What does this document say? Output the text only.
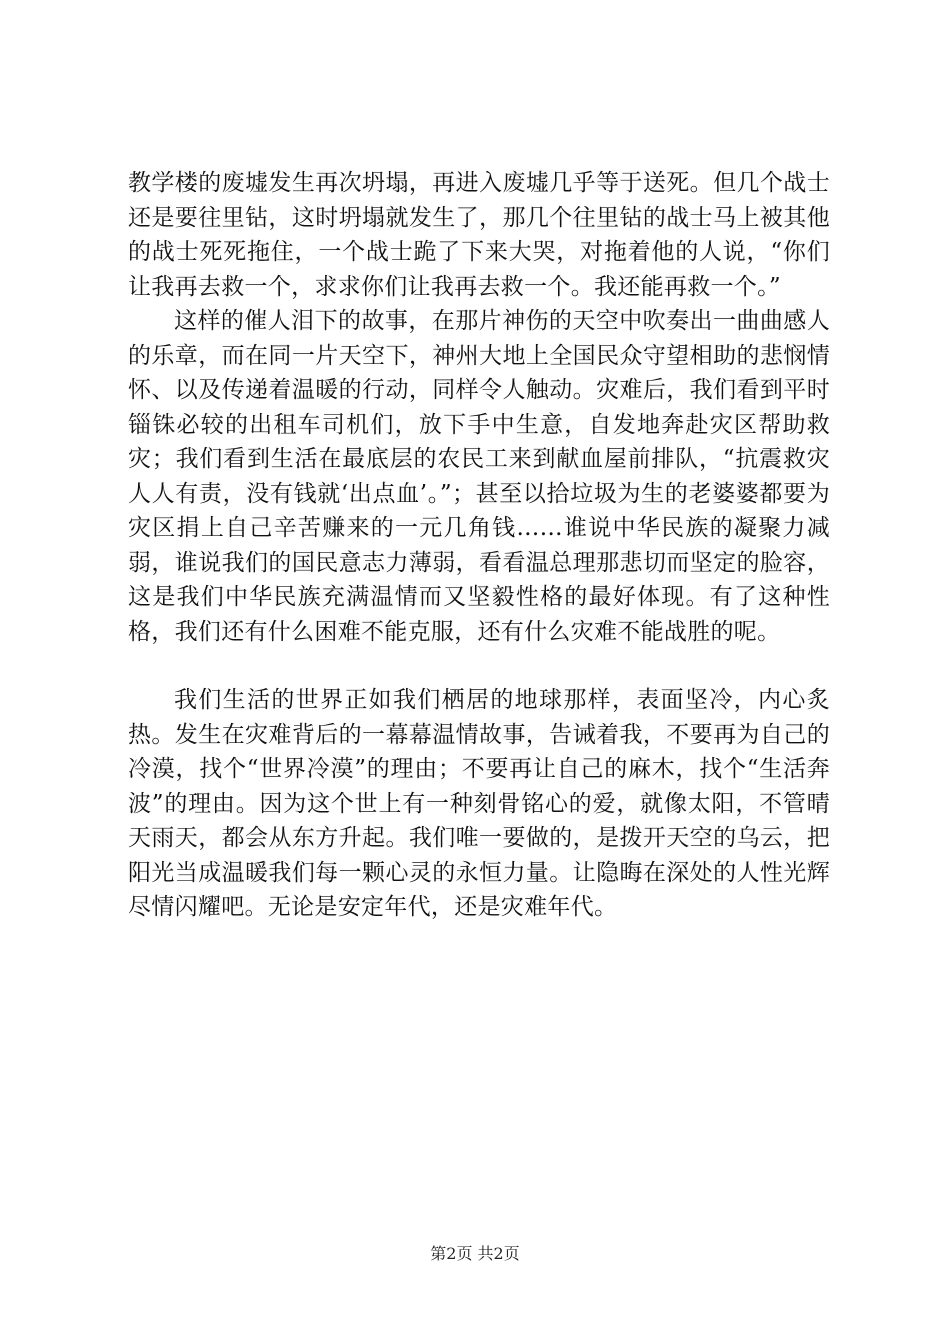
教学楼的废墟发生再次坍塌，再进入废墟几乎等于送死。但几个战士还是要往里钻，这时坍塌就发生了，那几个往里钻的战士马上被其他的战士死死拖住，一个战士跪了下来大哭，对拖着他的人说，“你们让我再去救一个，求求你们让我再去救一个。我还能再救一个。”

这样的催人泪下的故事，在那片神伤的天空中吹奏出一曲曲感人的乐章，而在同一片天空下，神州大地上全国民众守望相助的悲悯情怀、以及传递着温暖的行动，同样令人触动。灾难后，我们看到平时锱铢必较的出租车司机们，放下手中生意，自发地奔赴灾区帮助救灾；我们看到生活在最底层的农民工来到献血屋前排队，“抗震救灾人人有责，没有钱就‘出点血’。”；甚至以拾垃圾为生的老婆婆都要为灾区捐上自己辛苦赚来的一元几角钱……谁说中华民族的凝聚力减弱，谁说我们的国民意志力薄弱，看看温总理那悲切而坚定的脸容，这是我们中华民族充满温情而又坚毅性格的最好体现。有了这种性格，我们还有什么困难不能克服，还有什么灾难不能战胜的呢。

我们生活的世界正如我们栖居的地球那样，表面坚冷，内心炙热。发生在灾难背后的一幕幕温情故事，告诫着我，不要再为自己的冷漠，找个“世界冷漠”的理由；不要再让自己的麻木，找个“生活奔波”的理由。因为这个世上有一种刻骨铭心的爱，就像太阳，不管晴天雨天，都会从东方升起。我们唯一要做的，是拨开天空的乌云，把阳光当成温暖我们每一颗心灵的永恒力量。让隐晦在深处的人性光辉尽情闪耀吧。无论是安定年代，还是灾难年代。

第2页 共2页
